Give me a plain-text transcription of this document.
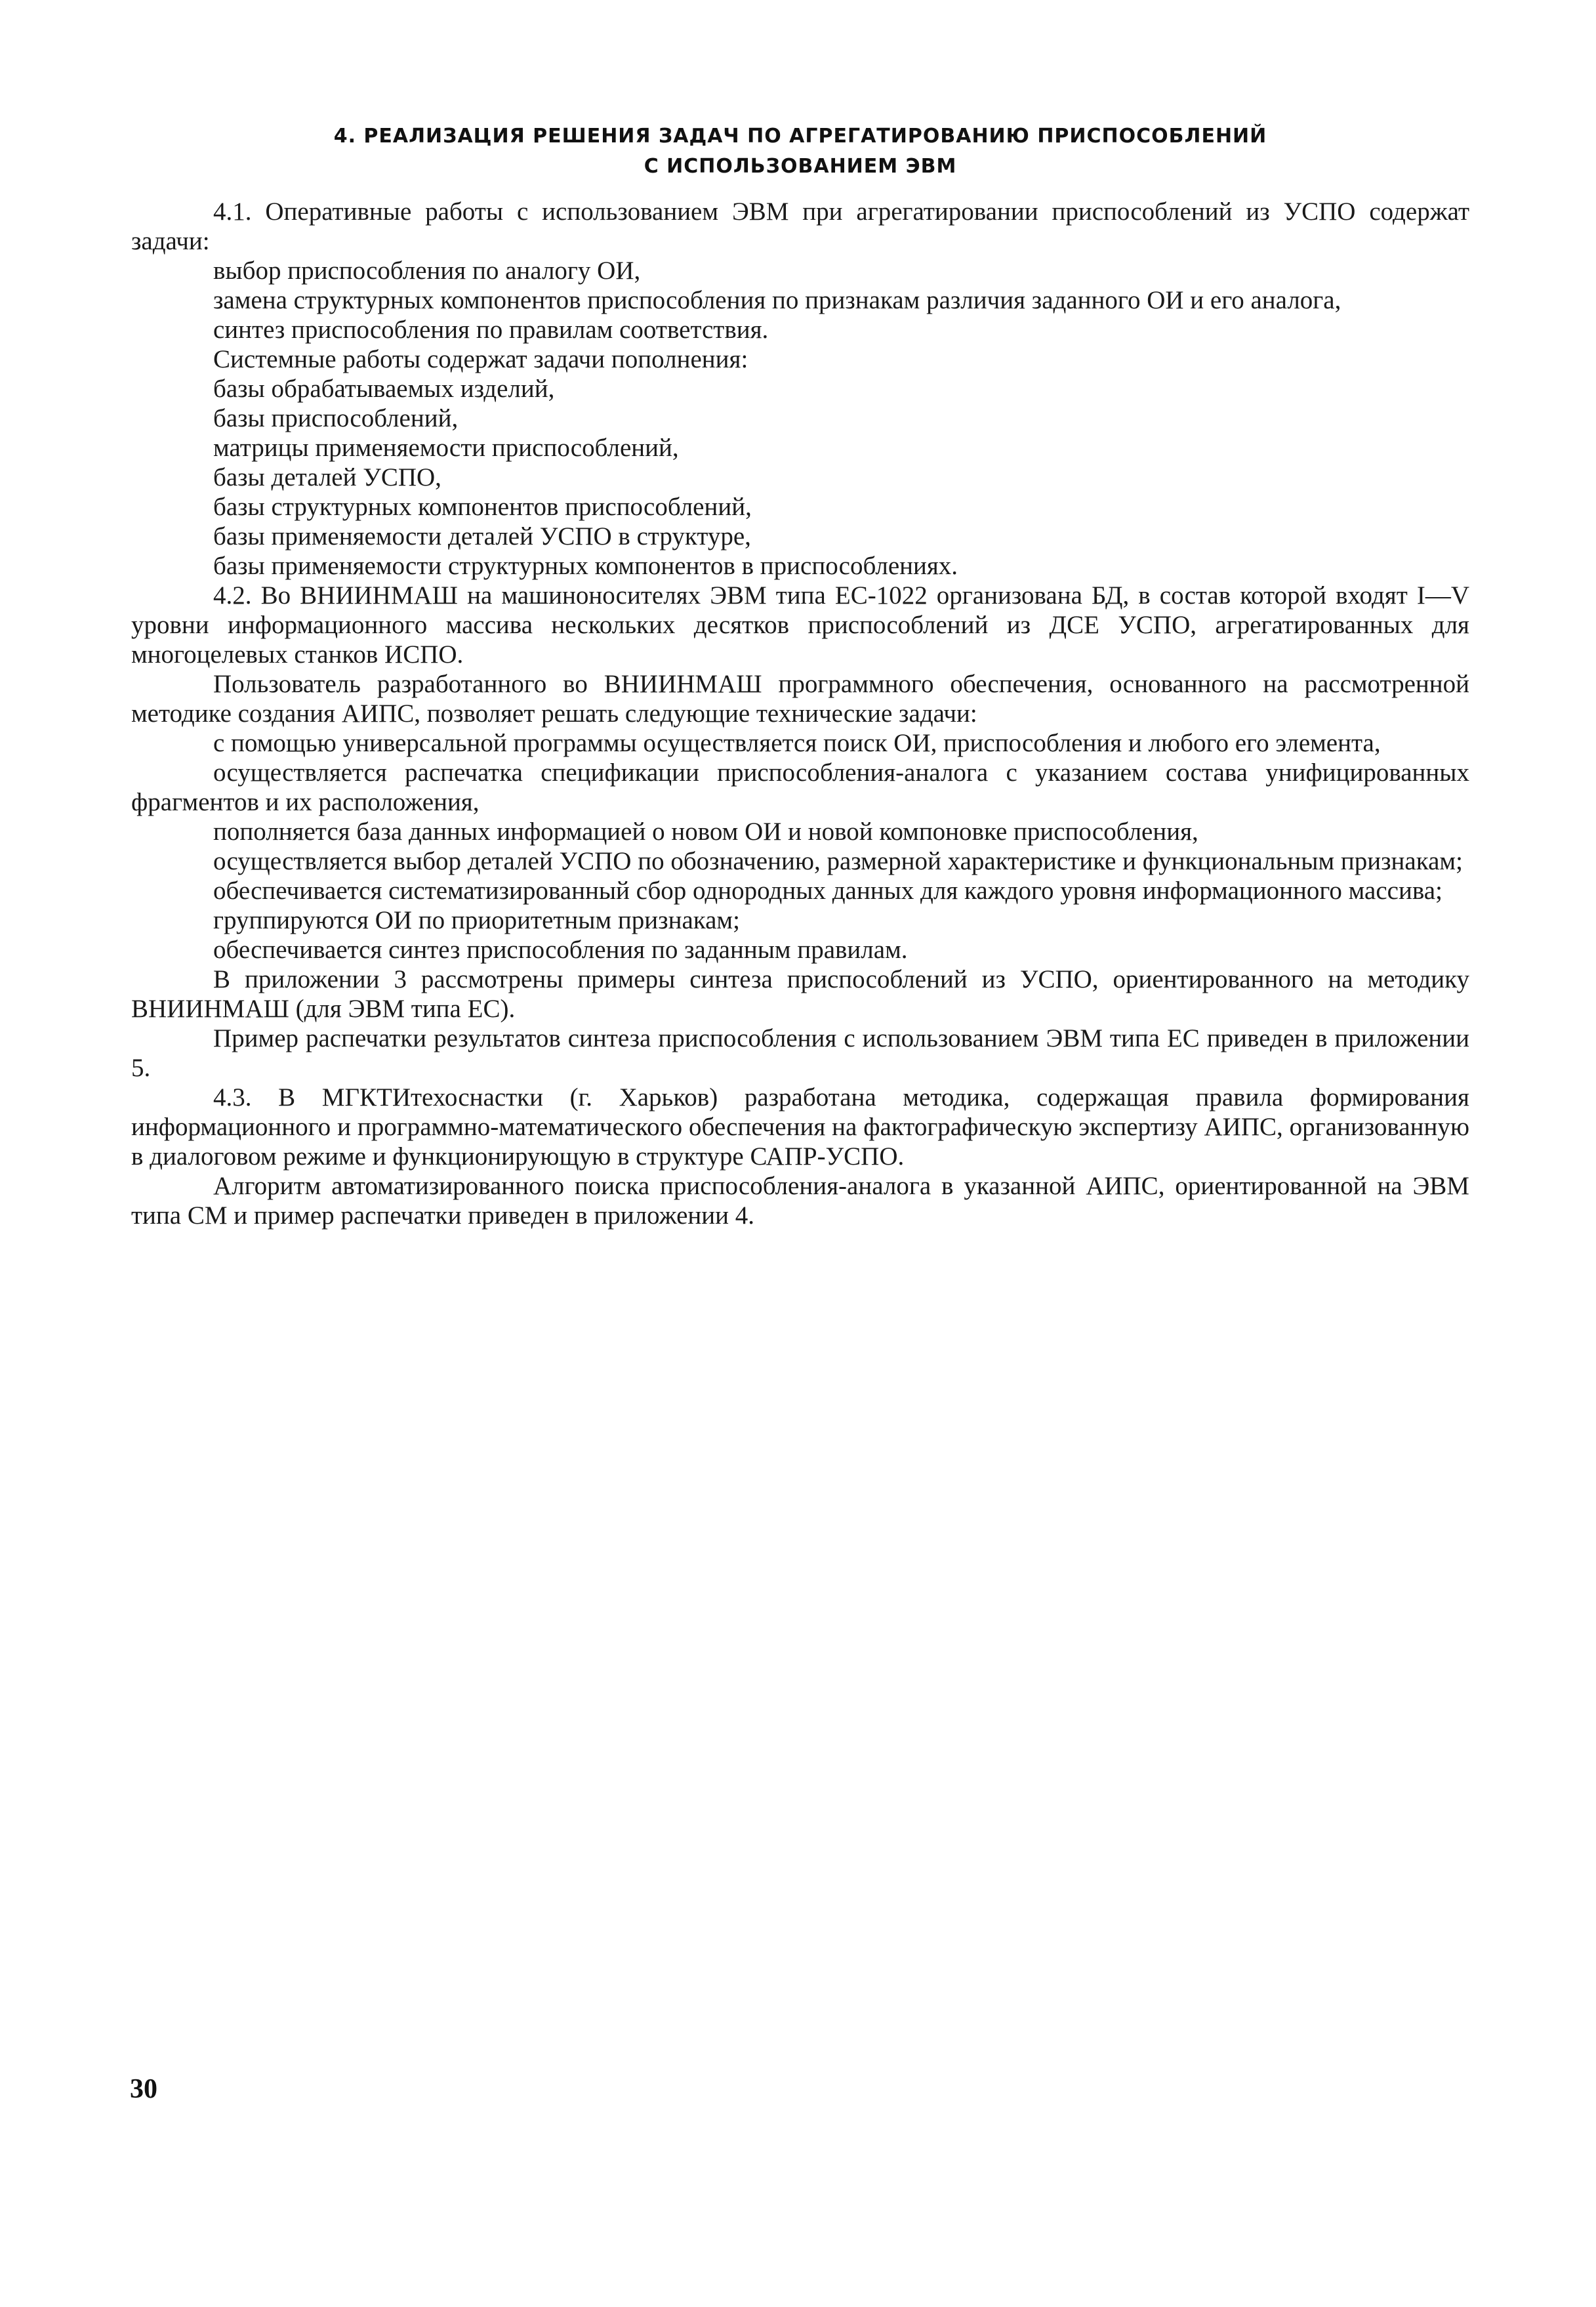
4. РЕАЛИЗАЦИЯ РЕШЕНИЯ ЗАДАЧ ПО АГРЕГАТИРОВАНИЮ ПРИСПОСОБЛЕНИЙ
С ИСПОЛЬЗОВАНИЕМ ЭВМ

4.1. Оперативные работы с использованием ЭВМ при агрегатировании приспособлений из УСПО содержат задачи:

выбор приспособления по аналогу ОИ,

замена структурных компонентов приспособления по признакам различия заданного ОИ и его аналога,

синтез приспособления по правилам соответствия.

Системные работы содержат задачи пополнения:

базы обрабатываемых изделий,

базы приспособлений,

матрицы применяемости приспособлений,

базы деталей УСПО,

базы структурных компонентов приспособлений,

базы применяемости деталей УСПО в структуре,

базы применяемости структурных компонентов в приспособлениях.

4.2. Во ВНИИНМАШ на машиноносителях ЭВМ типа ЕС-1022 организована БД, в состав которой входят I—V уровни информационного массива нескольких десятков приспособлений из ДСЕ УСПО, агрегатированных для многоцелевых станков ИСПО.

Пользователь разработанного во ВНИИНМАШ программного обеспечения, основанного на рассмотренной методике создания АИПС, позволяет решать следующие технические задачи:

с помощью универсальной программы осуществляется поиск ОИ, приспособления и любого его элемента,

осуществляется распечатка спецификации приспособления-аналога с указанием состава унифицированных фрагментов и их расположения,

пополняется база данных информацией о новом ОИ и новой компоновке приспособления,

осуществляется выбор деталей УСПО по обозначению, размерной характеристике и функциональным признакам;

обеспечивается систематизированный сбор однородных данных для каждого уровня информационного массива;

группируются ОИ по приоритетным признакам;

обеспечивается синтез приспособления по заданным правилам.

В приложении 3 рассмотрены примеры синтеза приспособлений из УСПО, ориентированного на методику ВНИИНМАШ (для ЭВМ типа ЕС).

Пример распечатки результатов синтеза приспособления с использованием ЭВМ типа ЕС приведен в приложении 5.

4.3. В МГКТИтехоснастки (г. Харьков) разработана методика, содержащая правила формирования информационного и программно-математического обеспечения на фактографическую экспертизу АИПС, организованную в диалоговом режиме и функционирующую в структуре САПР-УСПО.

Алгоритм автоматизированного поиска приспособления-аналога в указанной АИПС, ориентированной на ЭВМ типа СМ и пример распечатки приведен в приложении 4.

30
